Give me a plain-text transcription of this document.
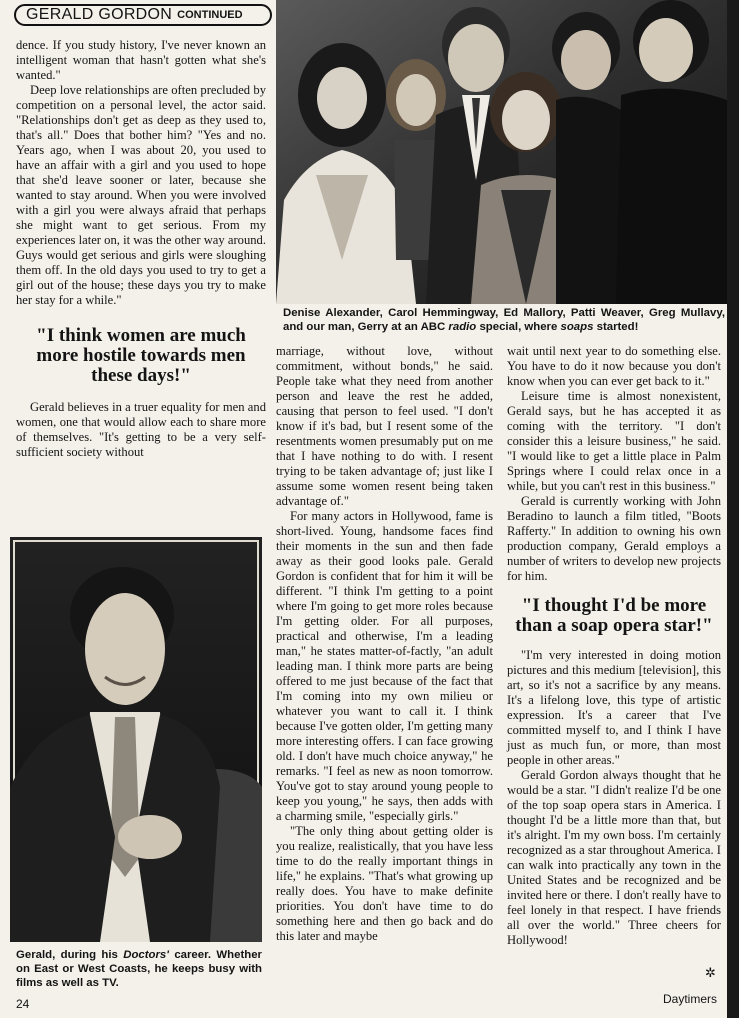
GERALD GORDON CONTINUED

dence. If you study history, I've never known an intelligent woman that hasn't gotten what she's wanted."

Deep love relationships are often precluded by competition on a personal level, the actor said. "Relationships don't get as deep as they used to, that's all." Does that bother him? "Yes and no. Years ago, when I was about 20, you used to have an affair with a girl and you used to hope that she'd leave sooner or later, because she wanted to stay around. When you were involved with a girl you were always afraid that perhaps she might want to get serious. From my experiences later on, it was the other way around. Guys would get serious and girls were sloughing them off. In the old days you used to try to get a girl out of the house; these days you try to make her stay for a while."

"I think women are much more hostile towards men these days!"

Gerald believes in a truer equality for men and women, one that would allow each to share more of themselves. "It's getting to be a very self-sufficient society without

Denise Alexander, Carol Hemmingway, Ed Mallory, Patti Weaver, Greg Mullavy, and our man, Gerry at an ABC radio special, where soaps started!

marriage, without love, without commitment, without bonds," he said. People take what they need from another person and leave the rest he added, causing that person to feel used. "I don't know if it's bad, but I resent some of the resentments women presumably put on me that I have nothing to do with. I resent trying to be taken advantage of; just like I assume some women resent being taken advantage of."

For many actors in Hollywood, fame is short-lived. Young, handsome faces find their moments in the sun and then fade away as their good looks pale. Gerald Gordon is confident that for him it will be different. "I think I'm getting to a point where I'm going to get more roles because I'm getting older. For all purposes, practical and otherwise, I'm a leading man," he states matter-of-factly, "an adult leading man. I think more parts are being offered to me just because of the fact that I'm coming into my own milieu or whatever you want to call it. I think because I've gotten older, I'm getting many more interesting offers. I can face growing old. I don't have much choice anyway," he remarks. "I feel as new as noon tomorrow. You've got to stay around young people to keep you young," he says, then adds with a charming smile, "especially girls."

"The only thing about getting older is you realize, realistically, that you have less time to do the really important things in life," he explains. "That's what growing up really does. You have to make definite priorities. You don't have time to do something here and then go back and do this later and maybe

wait until next year to do something else. You have to do it now because you don't know when you can ever get back to it."

Leisure time is almost nonexistent, Gerald says, but he has accepted it as coming with the territory. "I don't consider this a leisure business," he said. "I would like to get a little place in Palm Springs where I could relax once in a while, but you can't rest in this business."

Gerald is currently working with John Beradino to launch a film titled, "Boots Rafferty." In addition to owning his own production company, Gerald employs a number of writers to develop new projects for him.

"I thought I'd be more than a soap opera star!"

"I'm very interested in doing motion pictures and this medium [television], this art, so it's not a sacrifice by any means. It's a lifelong love, this type of artistic expression. It's a career that I've committed myself to, and I think I have just as much fun, or more, than most people in other areas."

Gerald Gordon always thought that he would be a star. "I didn't realize I'd be one of the top soap opera stars in America. I thought I'd be a little more than that, but it's alright. I'm my own boss. I'm certainly recognized as a star throughout America. I can walk into practically any town in the United States and be recognized and be invited here or there. I don't really have to feel lonely in that respect. I have friends all over the world." Three cheers for Hollywood!

Gerald, during his Doctors' career. Whether on East or West Coasts, he keeps busy with films as well as TV.
24	Daytimers
✲
